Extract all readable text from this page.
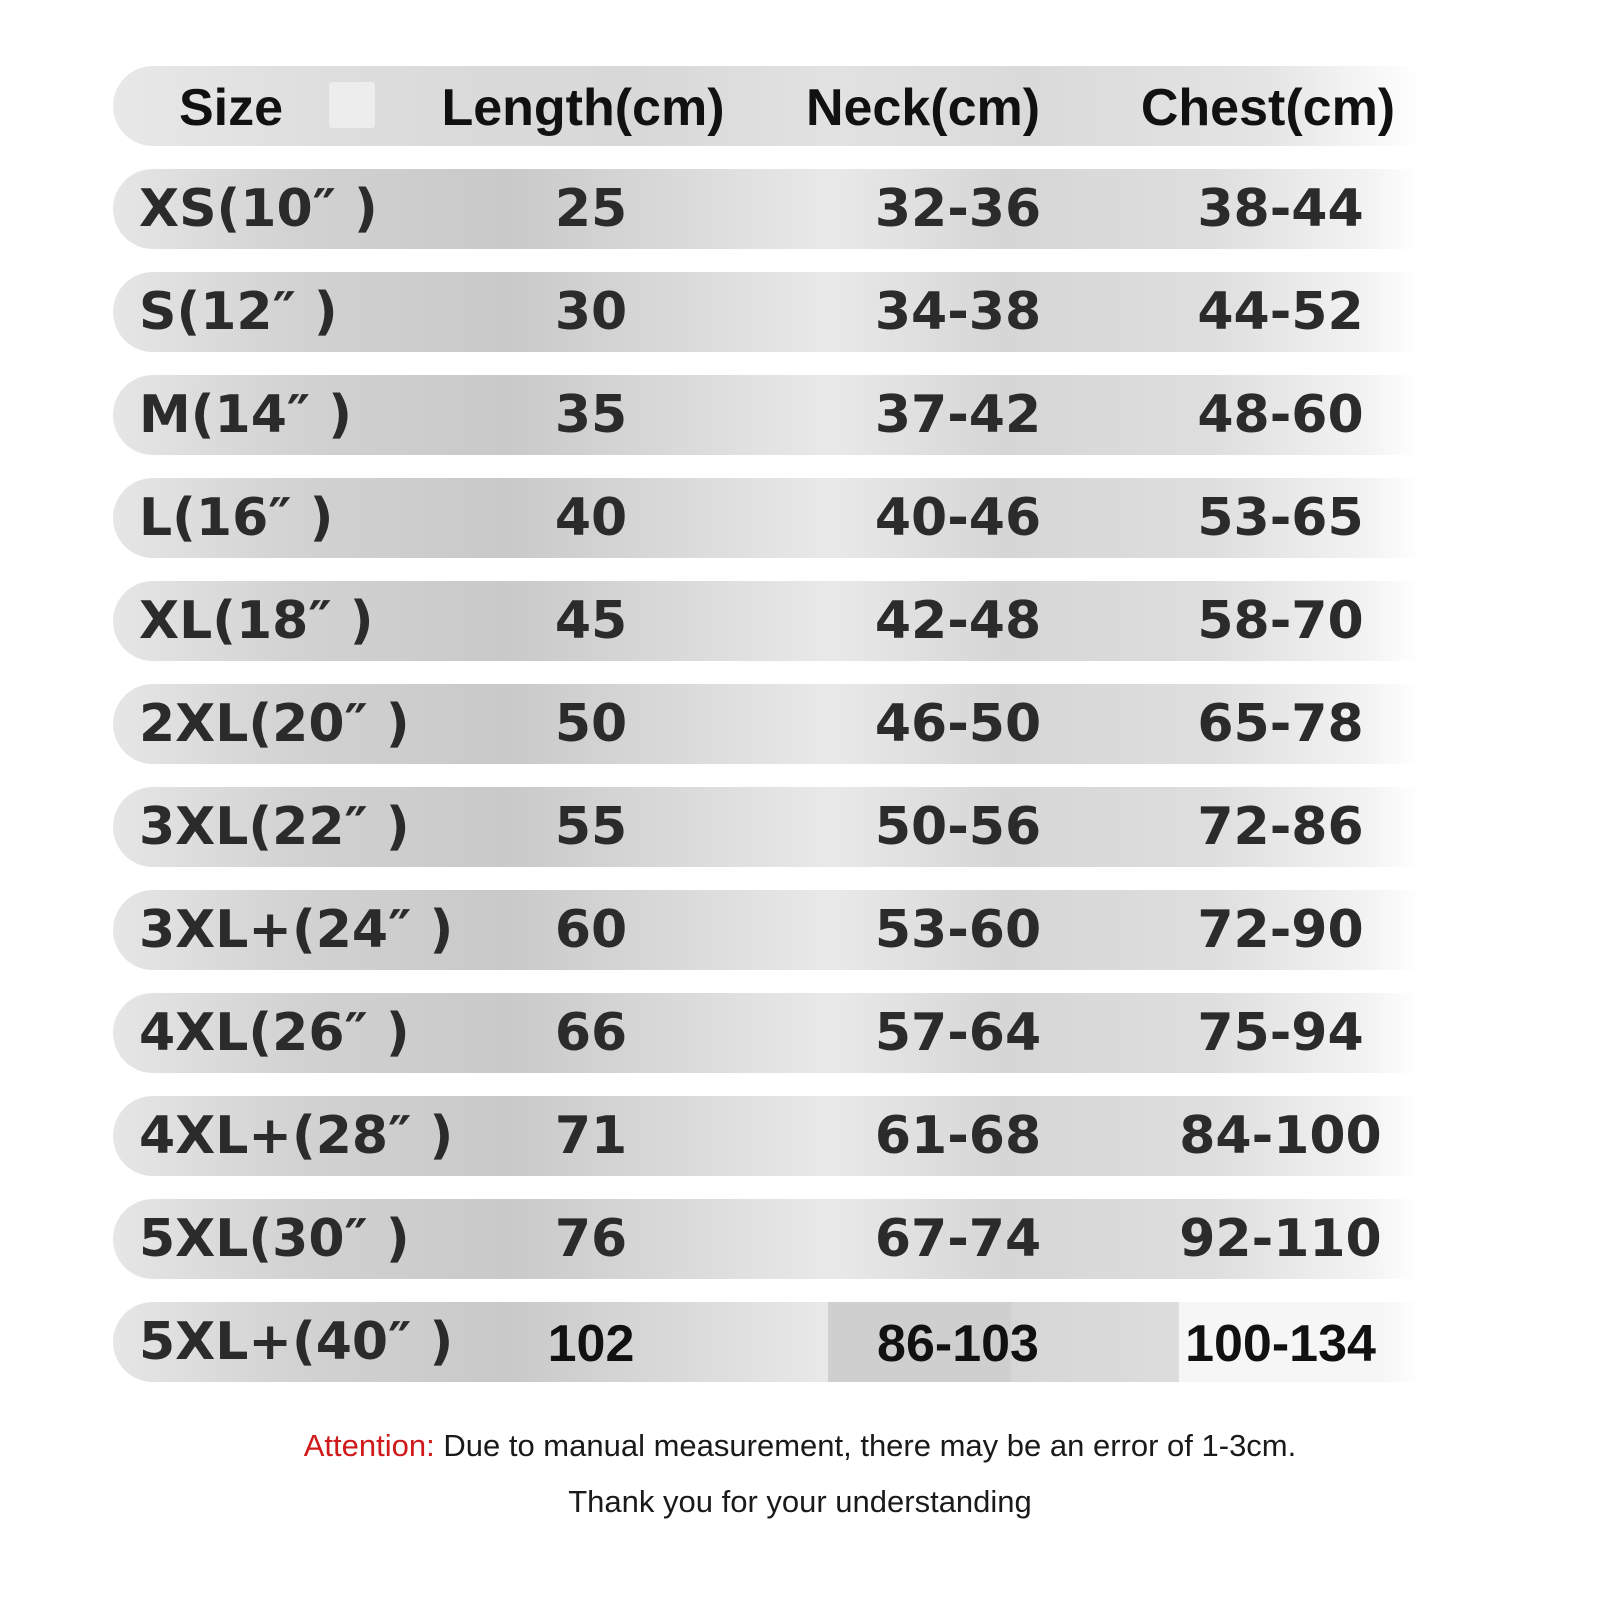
Size	Length(cm)	Neck(cm) Chest(cm)
XS(10″ )	25	32-36	38-44
S(12″ )	30	34-38	44-52
M(14″ )	35	37-42	48-60
L(16″ )	40	40-46	53-65
XL(18″ )	45	42-48	58-70
2XL(20″ )	50	46-50	65-78
3XL(22″ )	55	50-56	72-86
3XL+(24″ )	60	53-60	72-90
4XL(26″ )	66	57-64	75-94
4XL+(28″ )	71	61-68	84-100
5XL(30″ )	76	67-74	92-110
5XL+(40″ )	102	86-103	100-134
Attention: Due to manual measurement, there may be an error of 1-3cm.
Thank you for your understanding
